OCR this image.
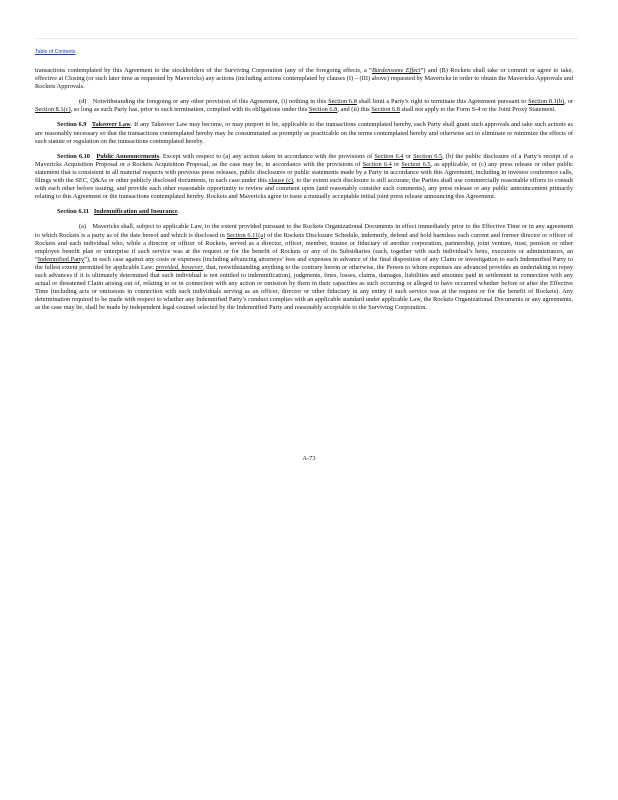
Table of Contents

transactions contemplated by this Agreement to the stockholders of the Surviving Corporation (any of the foregoing effects, a “Burdensome Effect”) and (B) Rockets shall take or commit or agree to take, effective at Closing (or such later time as requested by Mavericks) any actions (including actions contemplated by clauses (I) – (III) above) requested by Mavericks in order to obtain the Mavericks Approvals and Rockets Approvals.

(d) Notwithstanding the foregoing or any other provision of this Agreement, (i) nothing in this Section 6.8 shall limit a Party’s right to terminate this Agreement pursuant to Section 8.1(b), or Section 8.1(c), so long as such Party has, prior to such termination, complied with its obligations under this Section 6.8, and (ii) this Section 6.8 shall not apply to the Form S-4 or the Joint Proxy Statement.

Section 6.9 Takeover Law. If any Takeover Law may become, or may purport to be, applicable to the transactions contemplated hereby, each Party shall grant such approvals and take such actions as are reasonably necessary so that the transactions contemplated hereby may be consummated as promptly as practicable on the terms contemplated hereby and otherwise act to eliminate or minimize the effects of such statute or regulation on the transactions contemplated hereby.

Section 6.10 Public Announcements. Except with respect to (a) any action taken in accordance with the provisions of Section 6.4 or Section 6.5, (b) the public disclosure of a Party’s receipt of a Mavericks Acquisition Proposal or a Rockets Acquisition Proposal, as the case may be, in accordance with the provisions of Section 6.4 or Section 6.5, as applicable, or (c) any press release or other public statement that is consistent in all material respects with previous press releases, public disclosures or public statements made by a Party in accordance with this Agreement, including in investor conference calls, filings with the SEC, Q&As or other publicly disclosed documents, in each case under this clause (c), to the extent such disclosure is still accurate, the Parties shall use commercially reasonable efforts to consult with each other before issuing, and provide each other reasonable opportunity to review and comment upon (and reasonably consider such comments), any press release or any public announcement primarily relating to this Agreement or the transactions contemplated hereby. Rockets and Mavericks agree to issue a mutually acceptable initial joint press release announcing this Agreement.

Section 6.11 Indemnification and Insurance.

(a) Mavericks shall, subject to applicable Law, to the extent provided pursuant to the Rockets Organizational Documents in effect immediately prior to the Effective Time or in any agreement to which Rockets is a party as of the date hereof and which is disclosed in Section 6.11(a) of the Rockets Disclosure Schedule, indemnify, defend and hold harmless each current and former director or officer of Rockets and each individual who, while a director or officer of Rockets, served as a director, officer, member, trustee or fiduciary of another corporation, partnership, joint venture, trust, pension or other employee benefit plan or enterprise if such service was at the request or for the benefit of Rockets or any of its Subsidiaries (each, together with such individual’s heirs, executors or administrators, an “Indemnified Party”), in each case against any costs or expenses (including advancing attorneys’ fees and expenses in advance of the final disposition of any Claim or investigation to each Indemnified Party to the fullest extent permitted by applicable Law; provided, however, that, notwithstanding anything to the contrary herein or otherwise, the Person to whom expenses are advanced provides an undertaking to repay such advances if it is ultimately determined that such individual is not entitled to indemnification), judgments, fines, losses, claims, damages, liabilities and amounts paid in settlement in connection with any actual or threatened Claim arising out of, relating to or in connection with any action or omission by them in their capacities as such occurring or alleged to have occurred whether before or after the Effective Time (including acts or omissions in connection with such individuals serving as an officer, director or other fiduciary in any entity if such service was at the request or for the benefit of Rockets). Any determination required to be made with respect to whether any Indemnified Party’s conduct complies with an applicable standard under applicable Law, the Rockets Organizational Documents or any agreements, as the case may be, shall be made by independent legal counsel selected by the Indemnified Party and reasonably acceptable to the Surviving Corporation.

A-73
